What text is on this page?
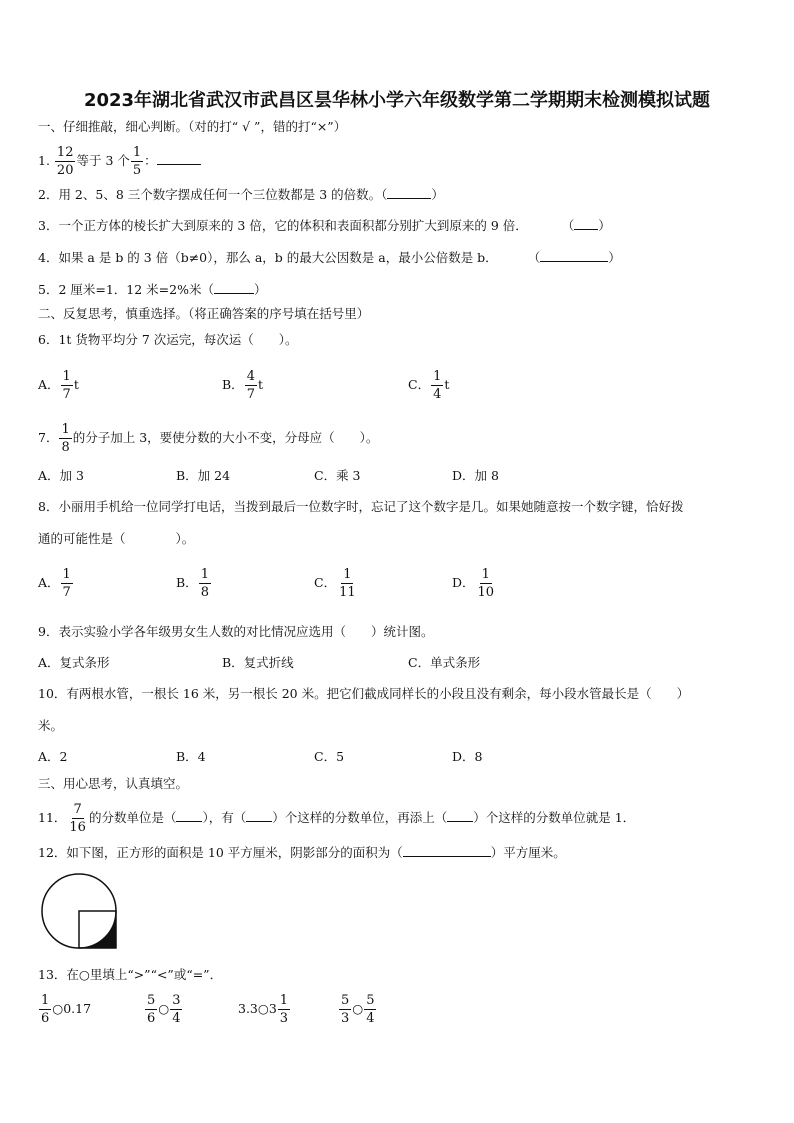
2023年湖北省武汉市武昌区昙华林小学六年级数学第二学期期末检测模拟试题
一、仔细推敲，细心判断。（对的打“ √ ”，错的打“×”）
1. $\frac{12}{20}$ 等于 3 个 $\frac{1}{5}$ ：
2．用 2、5、8 三个数字摆成任何一个三位数都是 3 的倍数。（	）
3．一个正方体的棱长扩大到原来的 3 倍，它的体积和表面积都分别扩大到原来的 9 倍．	（ ）
4．如果 a 是 b 的 3 倍（b≠0），那么 a，b 的最大公因数是 a，最小公倍数是 b． （	）
5．2 厘米=1．12 米=2%米（	）
二、反复思考，慎重选择。（将正确答案的序号填在括号里）
6．1t 货物平均分 7 次运完，每次运（　　）。
A． $\frac{1}{7}$ t	B． $\frac{4}{7}$ t	C． $\frac{1}{4}$ t
7． $\frac{1}{8}$ 的分子加上 3，要使分数的大小不变，分母应（　　）。
A．加 3	B．加 24	C．乘 3	D．加 8
8．小丽用手机给一位同学打电话，当拨到最后一位数字时，忘记了这个数字是几。如果她随意按一个数字键，恰好拨
通的可能性是（　　　　）。
A． $\frac{1}{7}$	B． $\frac{1}{8}$	C． $\frac{1}{11}$	D． $\frac{1}{10}$
9．表示实验小学各年级男女生人数的对比情况应选用（　　）统计图。
A．复式条形	B．复式折线	C．单式条形
10．有两根水管，一根长 16 米，另一根长 20 米。把它们截成同样长的小段且没有剩余，每小段水管最长是（　　）
米。
A．2	B．4	C．5	D．8
三、用心思考，认真填空。
11． $\frac{7}{16}$ 的分数单位是（ ），有（ ）个这样的分数单位，再添上（ ）个这样的分数单位就是 1．
12．如下图，正方形的面积是 10 平方厘米，阴影部分的面积为（	）平方厘米。
13．在○里填上“>”“<”或“=”．
$\frac{1}{6}$ ○0.17	$\frac{5}{6}$ ○ $\frac{3}{4}$	3.3○3 $\frac{1}{3}$	$\frac{5}{3}$ ○ $\frac{5}{4}$
